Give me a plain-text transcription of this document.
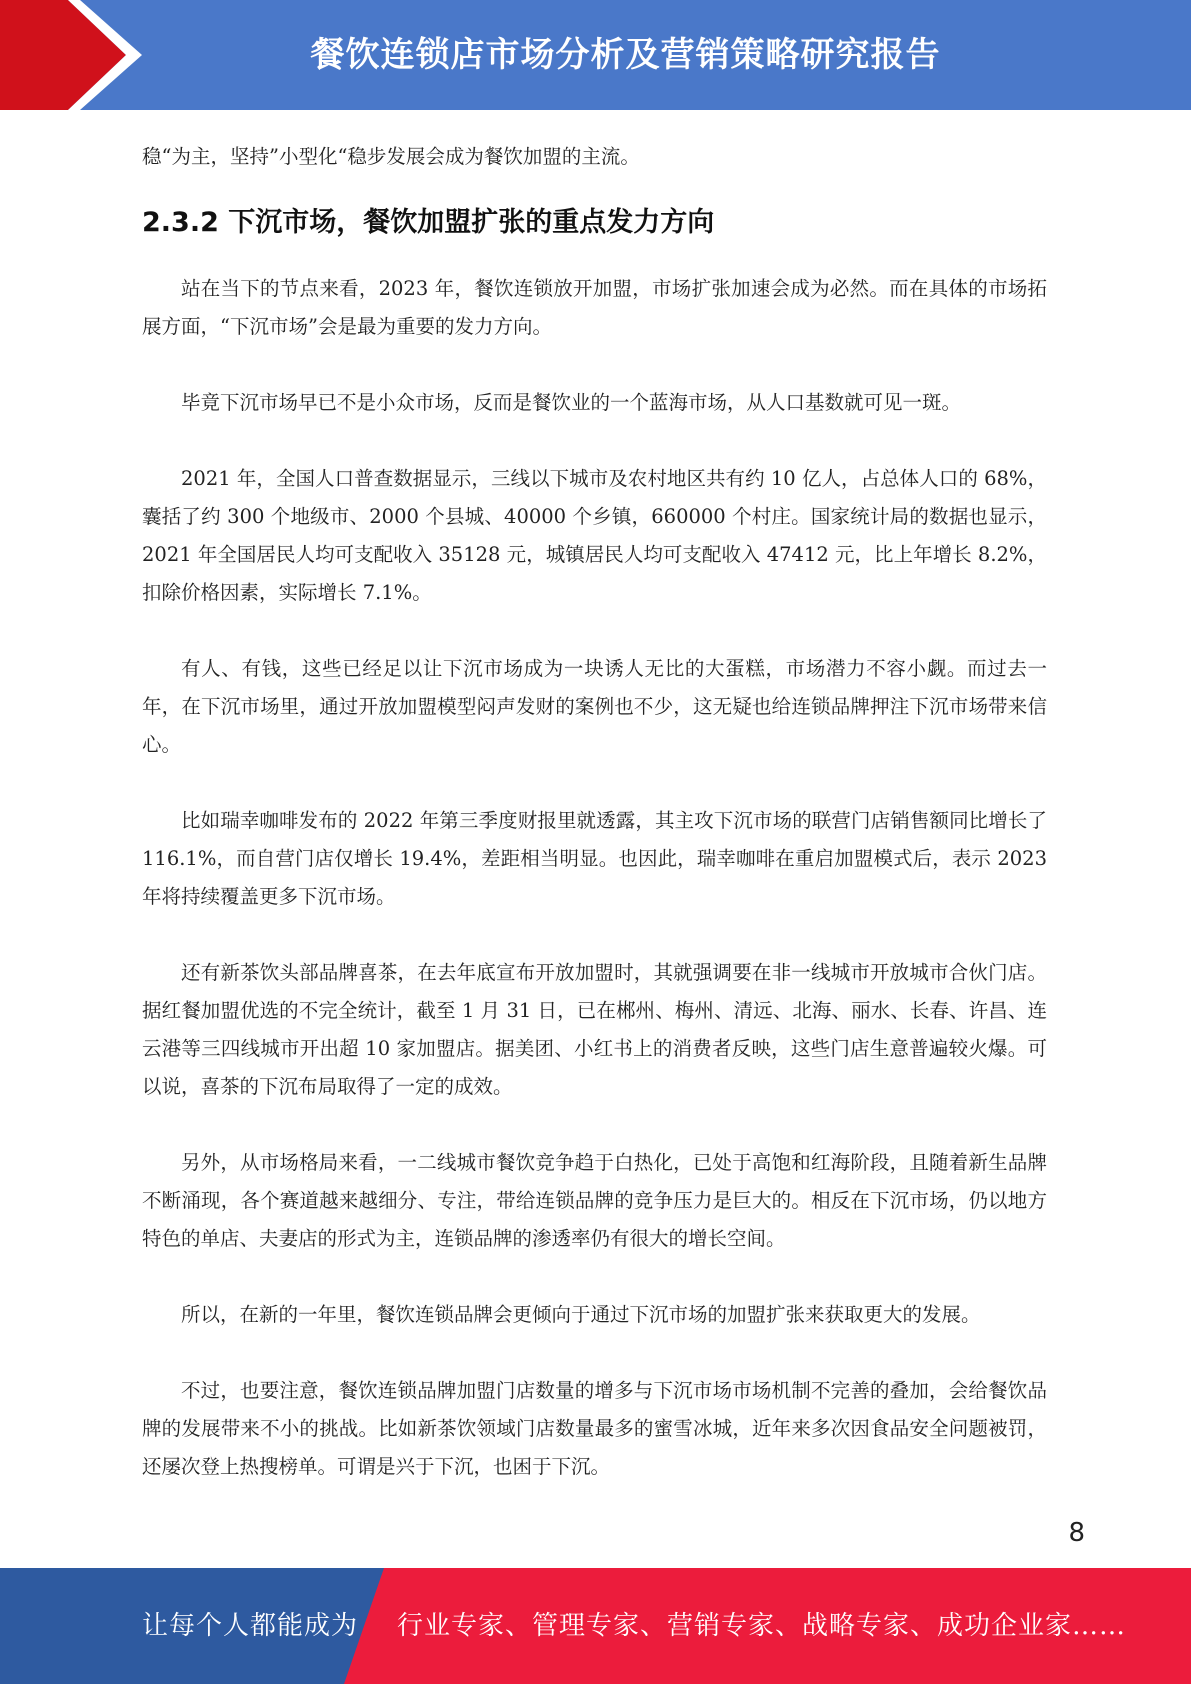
餐饮连锁店市场分析及营销策略研究报告

稳“为主，坚持”小型化“稳步发展会成为餐饮加盟的主流。

2.3.2 下沉市场，餐饮加盟扩张的重点发力方向

站在当下的节点来看，2023 年，餐饮连锁放开加盟，市场扩张加速会成为必然。而在具体的市场拓展方面，“下沉市场”会是最为重要的发力方向。

毕竟下沉市场早已不是小众市场，反而是餐饮业的一个蓝海市场，从人口基数就可见一斑。

2021 年，全国人口普查数据显示，三线以下城市及农村地区共有约 10 亿人，占总体人口的 68%，囊括了约 300 个地级市、2000 个县城、40000 个乡镇，660000 个村庄。国家统计局的数据也显示，2021 年全国居民人均可支配收入 35128 元，城镇居民人均可支配收入 47412 元，比上年增长 8.2%，扣除价格因素，实际增长 7.1%。

有人、有钱，这些已经足以让下沉市场成为一块诱人无比的大蛋糕，市场潜力不容小觑。而过去一年，在下沉市场里，通过开放加盟模型闷声发财的案例也不少，这无疑也给连锁品牌押注下沉市场带来信心。

比如瑞幸咖啡发布的 2022 年第三季度财报里就透露，其主攻下沉市场的联营门店销售额同比增长了 116.1%，而自营门店仅增长 19.4%，差距相当明显。也因此，瑞幸咖啡在重启加盟模式后，表示 2023 年将持续覆盖更多下沉市场。

还有新茶饮头部品牌喜茶，在去年底宣布开放加盟时，其就强调要在非一线城市开放城市合伙门店。据红餐加盟优选的不完全统计，截至 1 月 31 日，已在郴州、梅州、清远、北海、丽水、长春、许昌、连云港等三四线城市开出超 10 家加盟店。据美团、小红书上的消费者反映，这些门店生意普遍较火爆。可以说，喜茶的下沉布局取得了一定的成效。

另外，从市场格局来看，一二线城市餐饮竞争趋于白热化，已处于高饱和红海阶段，且随着新生品牌不断涌现，各个赛道越来越细分、专注，带给连锁品牌的竞争压力是巨大的。相反在下沉市场，仍以地方特色的单店、夫妻店的形式为主，连锁品牌的渗透率仍有很大的增长空间。

所以，在新的一年里，餐饮连锁品牌会更倾向于通过下沉市场的加盟扩张来获取更大的发展。

不过，也要注意，餐饮连锁品牌加盟门店数量的增多与下沉市场市场机制不完善的叠加，会给餐饮品牌的发展带来不小的挑战。比如新茶饮领域门店数量最多的蜜雪冰城，近年来多次因食品安全问题被罚，还屡次登上热搜榜单。可谓是兴于下沉，也困于下沉。

8
让每个人都能成为 行业专家、管理专家、营销专家、战略专家、成功企业家……
